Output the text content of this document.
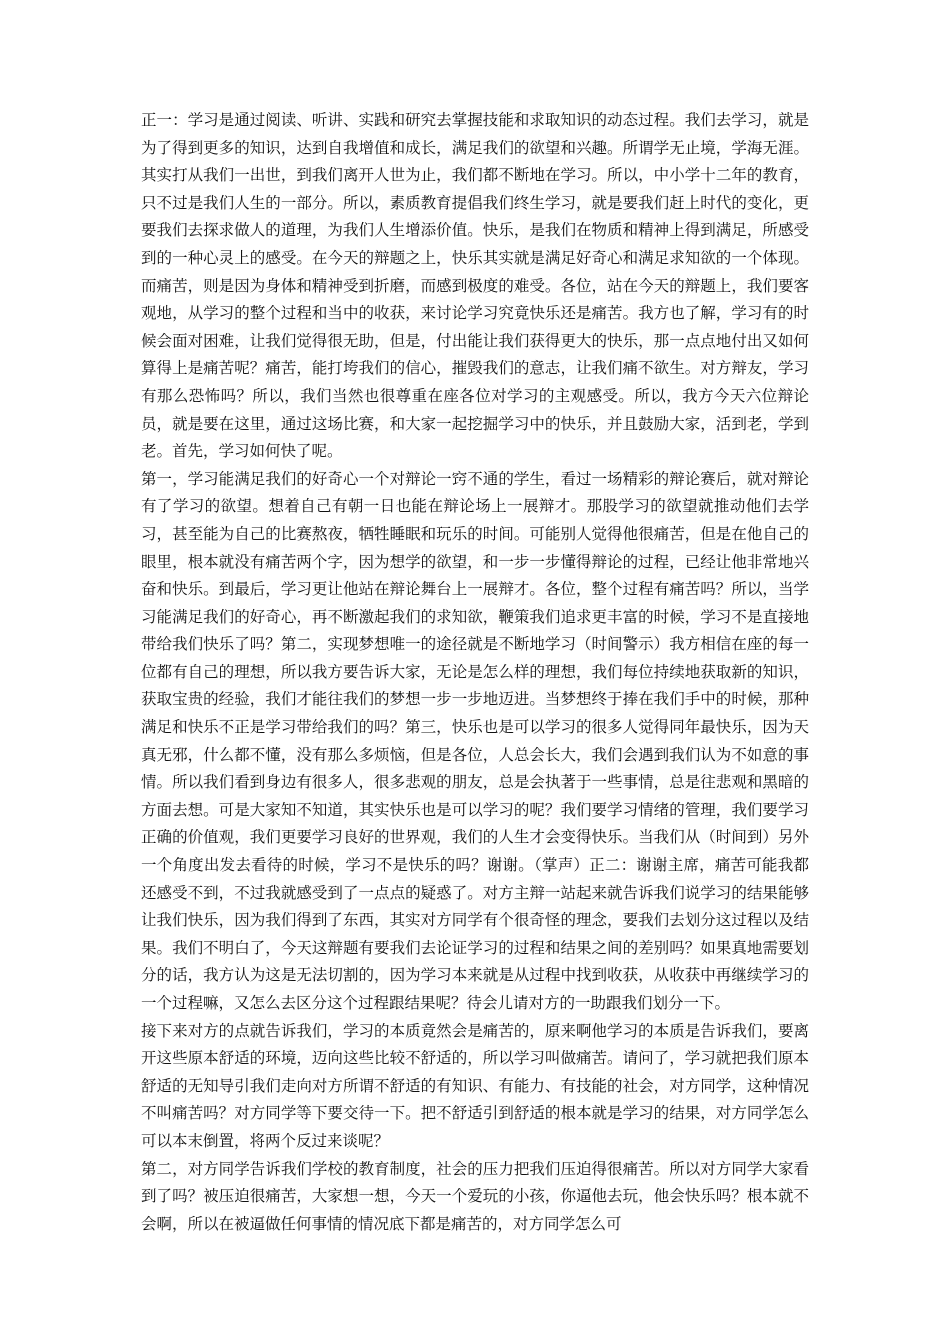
正一：学习是通过阅读、听讲、实践和研究去掌握技能和求取知识的动态过程。我们去学习，就是为了得到更多的知识，达到自我增值和成长，满足我们的欲望和兴趣。所谓学无止境，学海无涯。其实打从我们一出世，到我们离开人世为止，我们都不断地在学习。所以，中小学十二年的教育，只不过是我们人生的一部分。所以，素质教育提倡我们终生学习，就是要我们赶上时代的变化，更要我们去探求做人的道理，为我们人生增添价值。快乐，是我们在物质和精神上得到满足，所感受到的一种心灵上的感受。在今天的辩题之上，快乐其实就是满足好奇心和满足求知欲的一个体现。而痛苦，则是因为身体和精神受到折磨，而感到极度的难受。各位，站在今天的辩题上，我们要客观地，从学习的整个过程和当中的收获，来讨论学习究竟快乐还是痛苦。我方也了解，学习有的时候会面对困难，让我们觉得很无助，但是，付出能让我们获得更大的快乐，那一点点地付出又如何算得上是痛苦呢？痛苦，能打垮我们的信心，摧毁我们的意志，让我们痛不欲生。对方辩友，学习有那么恐怖吗？所以，我们当然也很尊重在座各位对学习的主观感受。所以，我方今天六位辩论员，就是要在这里，通过这场比赛，和大家一起挖掘学习中的快乐，并且鼓励大家，活到老，学到老。首先，学习如何快了呢。

第一，学习能满足我们的好奇心一个对辩论一窍不通的学生，看过一场精彩的辩论赛后，就对辩论有了学习的欲望。想着自己有朝一日也能在辩论场上一展辩才。那股学习的欲望就推动他们去学习，甚至能为自己的比赛熬夜，牺牲睡眠和玩乐的时间。可能别人觉得他很痛苦，但是在他自己的眼里，根本就没有痛苦两个字，因为想学的欲望，和一步一步懂得辩论的过程，已经让他非常地兴奋和快乐。到最后，学习更让他站在辩论舞台上一展辩才。各位，整个过程有痛苦吗？所以，当学习能满足我们的好奇心，再不断激起我们的求知欲，鞭策我们追求更丰富的时候，学习不是直接地带给我们快乐了吗？第二，实现梦想唯一的途径就是不断地学习（时间警示）我方相信在座的每一位都有自己的理想，所以我方要告诉大家，无论是怎么样的理想，我们每位持续地获取新的知识，获取宝贵的经验，我们才能往我们的梦想一步一步地迈进。当梦想终于捧在我们手中的时候，那种满足和快乐不正是学习带给我们的吗？第三，快乐也是可以学习的很多人觉得同年最快乐，因为天真无邪，什么都不懂，没有那么多烦恼，但是各位，人总会长大，我们会遇到我们认为不如意的事情。所以我们看到身边有很多人，很多悲观的朋友，总是会执著于一些事情，总是往悲观和黑暗的方面去想。可是大家知不知道，其实快乐也是可以学习的呢？我们要学习情绪的管理，我们要学习正确的价值观，我们更要学习良好的世界观，我们的人生才会变得快乐。当我们从（时间到）另外一个角度出发去看待的时候，学习不是快乐的吗？谢谢。（掌声）正二：谢谢主席，痛苦可能我都还感受不到，不过我就感受到了一点点的疑惑了。对方主辩一站起来就告诉我们说学习的结果能够让我们快乐，因为我们得到了东西，其实对方同学有个很奇怪的理念，要我们去划分这过程以及结果。我们不明白了，今天这辩题有要我们去论证学习的过程和结果之间的差别吗？如果真地需要划分的话，我方认为这是无法切割的，因为学习本来就是从过程中找到收获，从收获中再继续学习的一个过程嘛，又怎么去区分这个过程跟结果呢？待会儿请对方的一助跟我们划分一下。

接下来对方的点就告诉我们，学习的本质竟然会是痛苦的，原来啊他学习的本质是告诉我们，要离开这些原本舒适的环境，迈向这些比较不舒适的，所以学习叫做痛苦。请问了，学习就把我们原本舒适的无知导引我们走向对方所谓不舒适的有知识、有能力、有技能的社会，对方同学，这种情况不叫痛苦吗？对方同学等下要交待一下。把不舒适引到舒适的根本就是学习的结果，对方同学怎么可以本末倒置，将两个反过来谈呢？

第二，对方同学告诉我们学校的教育制度，社会的压力把我们压迫得很痛苦。所以对方同学大家看到了吗？被压迫很痛苦，大家想一想，今天一个爱玩的小孩，你逼他去玩，他会快乐吗？根本就不会啊，所以在被逼做任何事情的情况底下都是痛苦的，对方同学怎么可
